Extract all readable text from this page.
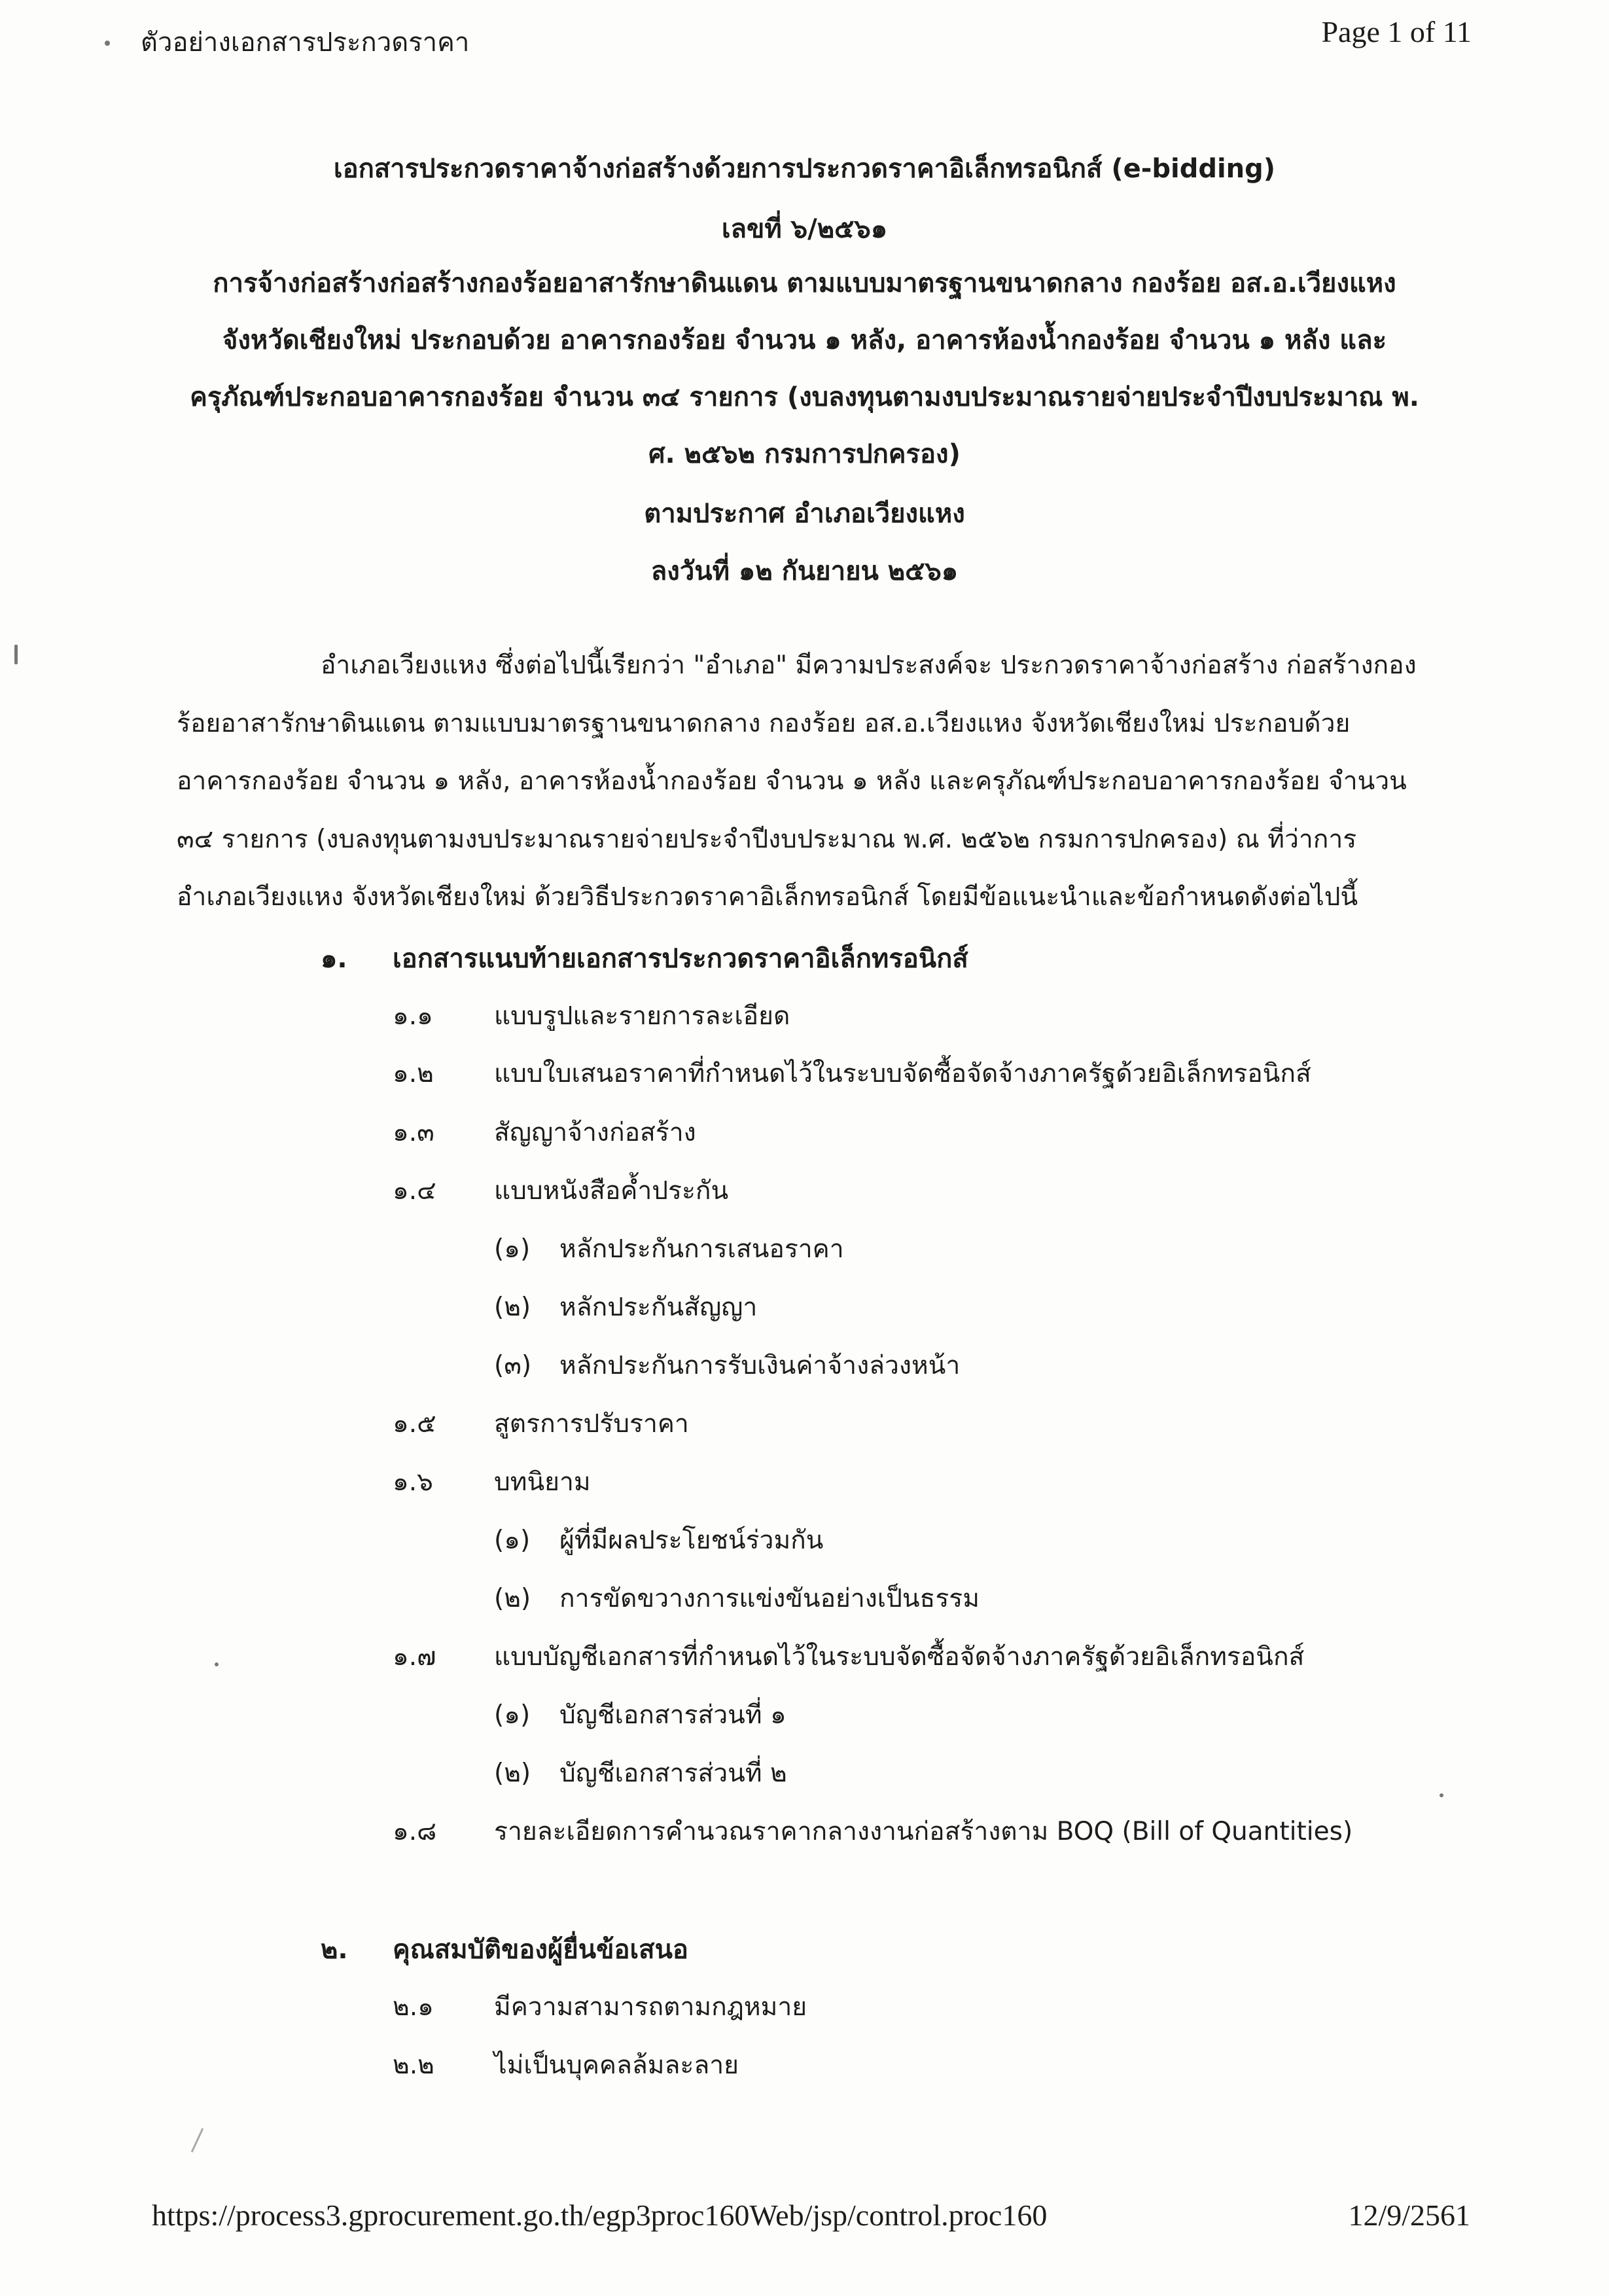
ตัวอย่างเอกสารประกวดราคา	Page 1 of 11

เอกสารประกวดราคาจ้างก่อสร้างด้วยการประกวดราคาอิเล็กทรอนิกส์ (e-bidding)

เลขที่ ๖/๒๕๖๑

การจ้างก่อสร้างก่อสร้างกองร้อยอาสารักษาดินแดน ตามแบบมาตรฐานขนาดกลาง กองร้อย อส.อ.เวียงแหง

จังหวัดเชียงใหม่ ประกอบด้วย อาคารกองร้อย จำนวน ๑ หลัง, อาคารห้องน้ำกองร้อย จำนวน ๑ หลัง และ

ครุภัณฑ์ประกอบอาคารกองร้อย จำนวน ๓๔ รายการ (งบลงทุนตามงบประมาณรายจ่ายประจำปีงบประมาณ พ.

ศ. ๒๕๖๒ กรมการปกครอง)

ตามประกาศ อำเภอเวียงแหง

ลงวันที่ ๑๒ กันยายน ๒๕๖๑

อำเภอเวียงแหง ซึ่งต่อไปนี้เรียกว่า "อำเภอ" มีความประสงค์จะ ประกวดราคาจ้างก่อสร้าง ก่อสร้างกอง

ร้อยอาสารักษาดินแดน ตามแบบมาตรฐานขนาดกลาง กองร้อย อส.อ.เวียงแหง จังหวัดเชียงใหม่ ประกอบด้วย

อาคารกองร้อย จำนวน ๑ หลัง, อาคารห้องน้ำกองร้อย จำนวน ๑ หลัง และครุภัณฑ์ประกอบอาคารกองร้อย จำนวน

๓๔ รายการ (งบลงทุนตามงบประมาณรายจ่ายประจำปีงบประมาณ พ.ศ. ๒๕๖๒ กรมการปกครอง) ณ ที่ว่าการ

อำเภอเวียงแหง จังหวัดเชียงใหม่ ด้วยวิธีประกวดราคาอิเล็กทรอนิกส์ โดยมีข้อแนะนำและข้อกำหนดดังต่อไปนี้

๑. เอกสารแนบท้ายเอกสารประกวดราคาอิเล็กทรอนิกส์

๑.๑ แบบรูปและรายการละเอียด

๑.๒ แบบใบเสนอราคาที่กำหนดไว้ในระบบจัดซื้อจัดจ้างภาครัฐด้วยอิเล็กทรอนิกส์

๑.๓ สัญญาจ้างก่อสร้าง

๑.๔ แบบหนังสือค้ำประกัน

(๑) หลักประกันการเสนอราคา

(๒) หลักประกันสัญญา

(๓) หลักประกันการรับเงินค่าจ้างล่วงหน้า

๑.๕ สูตรการปรับราคา

๑.๖ บทนิยาม

(๑) ผู้ที่มีผลประโยชน์ร่วมกัน

(๒) การขัดขวางการแข่งขันอย่างเป็นธรรม

๑.๗ แบบบัญชีเอกสารที่กำหนดไว้ในระบบจัดซื้อจัดจ้างภาครัฐด้วยอิเล็กทรอนิกส์

(๑) บัญชีเอกสารส่วนที่ ๑

(๒) บัญชีเอกสารส่วนที่ ๒

๑.๘ รายละเอียดการคำนวณราคากลางงานก่อสร้างตาม BOQ (Bill of Quantities)

๒. คุณสมบัติของผู้ยื่นข้อเสนอ

๒.๑ มีความสามารถตามกฎหมาย

๒.๒ ไม่เป็นบุคคลล้มละลาย

https://process3.gprocurement.go.th/egp3proc160Web/jsp/control.proc160	12/9/2561
